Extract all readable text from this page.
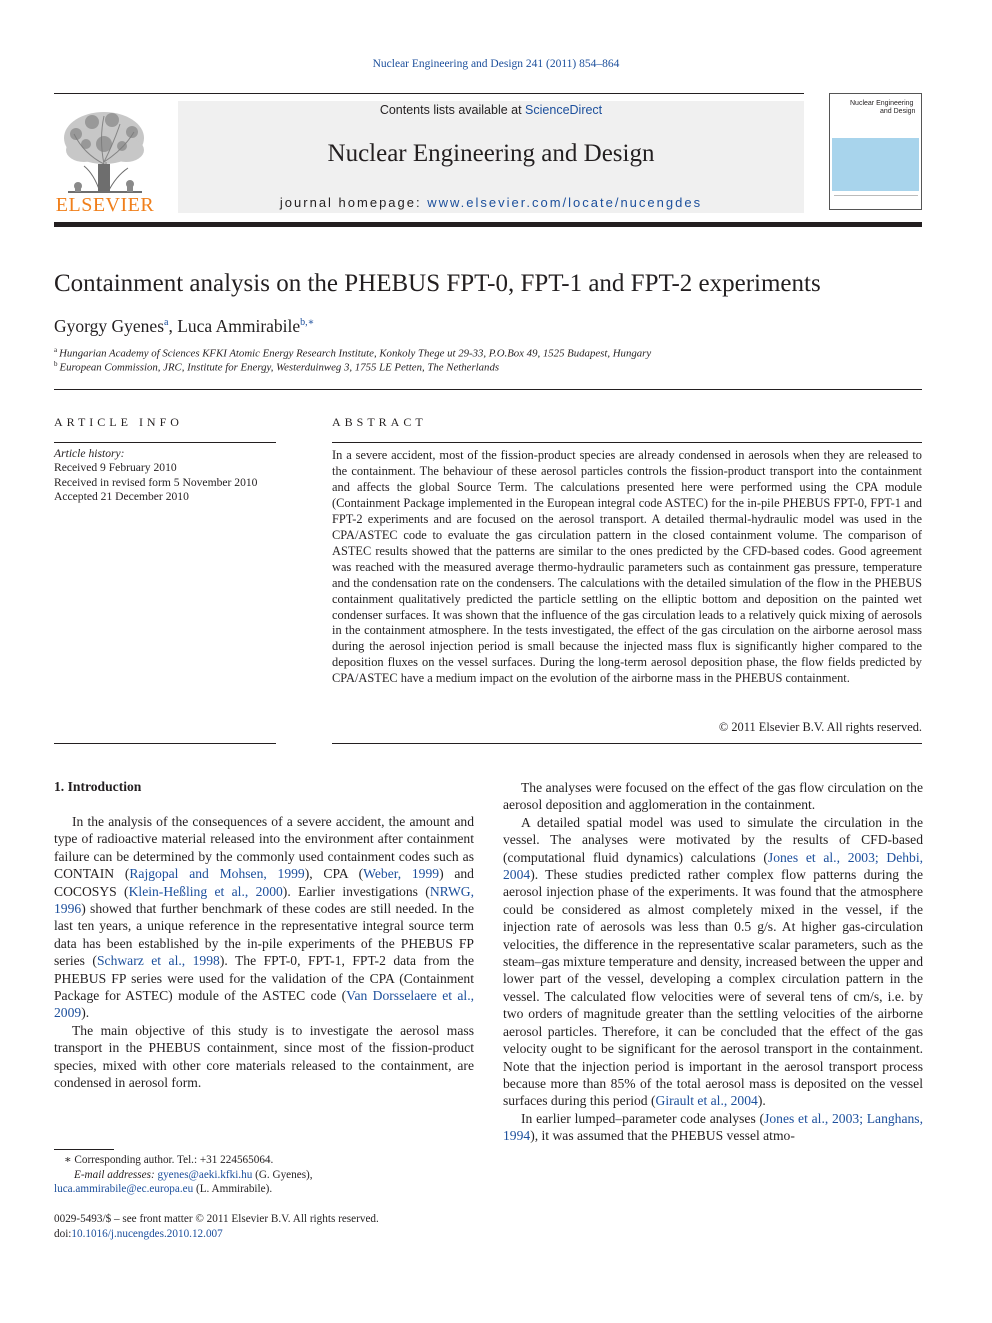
Nuclear Engineering and Design 241 (2011) 854–864
ELSEVIER
Contents lists available at ScienceDirect
Nuclear Engineering and Design
journal homepage: www.elsevier.com/locate/nucengdes
Nuclear Engineering
and Design
Containment analysis on the PHEBUS FPT-0, FPT-1 and FPT-2 experiments
Gyorgy Gyenes$^a$, Luca Ammirabile$^{b,∗}$
$^a$ Hungarian Academy of Sciences KFKI Atomic Energy Research Institute, Konkoly Thege ut 29-33, P.O.Box 49, 1525 Budapest, Hungary
$^b$ European Commission, JRC, Institute for Energy, Westerduinweg 3, 1755 LE Petten, The Netherlands
ARTICLE INFO
Article history:
Received 9 February 2010
Received in revised form 5 November 2010
Accepted 21 December 2010
ABSTRACT
In a severe accident, most of the fission-product species are already condensed in aerosols when they are released to the containment. The behaviour of these aerosol particles controls the fission-product transport into the containment and affects the global Source Term. The calculations presented here were performed using the CPA module (Containment Package implemented in the European integral code ASTEC) for the in-pile PHEBUS FPT-0, FPT-1 and FPT-2 experiments and are focused on the aerosol transport. A detailed thermal-hydraulic model was used in the CPA/ASTEC code to evaluate the gas circulation pattern in the closed containment volume. The comparison of ASTEC results showed that the patterns are similar to the ones predicted by the CFD-based codes. Good agreement was reached with the measured average thermo-hydraulic parameters such as containment gas pressure, temperature and the condensation rate on the condensers. The calculations with the detailed simulation of the flow in the PHEBUS containment qualitatively predicted the particle settling on the elliptic bottom and deposition on the painted wet condenser surfaces. It was shown that the influence of the gas circulation leads to a relatively quick mixing of aerosols in the containment atmosphere. In the tests investigated, the effect of the gas circulation on the airborne aerosol mass during the aerosol injection period is small because the injected mass flux is significantly higher compared to the deposition fluxes on the vessel surfaces. During the long-term aerosol deposition phase, the flow fields predicted by CPA/ASTEC have a medium impact on the evolution of the airborne mass in the PHEBUS containment.
© 2011 Elsevier B.V. All rights reserved.
1. Introduction

In the analysis of the consequences of a severe accident, the amount and type of radioactive material released into the environment after containment failure can be determined by the commonly used containment codes such as CONTAIN (Rajgopal and Mohsen, 1999), CPA (Weber, 1999) and COCOSYS (Klein-Heßling et al., 2000). Earlier investigations (NRWG, 1996) showed that further benchmark of these codes are still needed. In the last ten years, a unique reference in the representative integral source term data has been established by the in-pile experiments of the PHEBUS FP series (Schwarz et al., 1998). The FPT-0, FPT-1, FPT-2 data from the PHEBUS FP series were used for the validation of the CPA (Containment Package for ASTEC) module of the ASTEC code (Van Dorsselaere et al., 2009).

The main objective of this study is to investigate the aerosol mass transport in the PHEBUS containment, since most of the fission-product species, mixed with other core materials released to the containment, are condensed in aerosol form.

The analyses were focused on the effect of the gas flow circulation on the aerosol deposition and agglomeration in the containment.

A detailed spatial model was used to simulate the circulation in the vessel. The analyses were motivated by the results of CFD-based (computational fluid dynamics) calculations (Jones et al., 2003; Dehbi, 2004). These studies predicted rather complex flow patterns during the aerosol injection phase of the experiments. It was found that the atmosphere could be considered as almost completely mixed in the vessel, if the injection rate of aerosols was less than 0.5 g/s. At higher gas-circulation velocities, the difference in the representative scalar parameters, such as the steam–gas mixture temperature and density, increased between the upper and lower part of the vessel, developing a complex circulation pattern in the vessel. The calculated flow velocities were of several tens of cm/s, i.e. by two orders of magnitude greater than the settling velocities of the airborne aerosol particles. Therefore, it can be concluded that the effect of the gas velocity ought to be significant for the aerosol transport in the containment. Note that the injection period is important in the aerosol transport process because more than 85% of the total aerosol mass is deposited on the vessel surfaces during this period (Girault et al., 2004).

In earlier lumped–parameter code analyses (Jones et al., 2003; Langhans, 1994), it was assumed that the PHEBUS vessel atmo-

∗ Corresponding author. Tel.: +31 224565064.
E-mail addresses: gyenes@aeki.kfki.hu (G. Gyenes),
luca.ammirabile@ec.europa.eu (L. Ammirabile).
0029-5493/$ – see front matter © 2011 Elsevier B.V. All rights reserved.
doi:10.1016/j.nucengdes.2010.12.007
